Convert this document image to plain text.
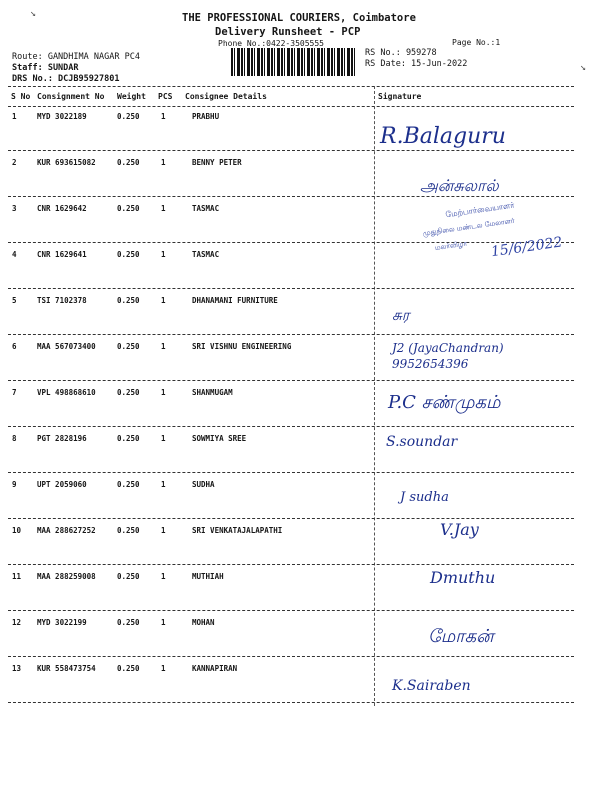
THE PROFESSIONAL COURIERS, Coimbatore
Delivery Runsheet - PCP
Phone No.:0422-3505555	Page No.:1
Route: GANDHIMA NAGAR PC4
Staff: SUNDAR
DRS No.: DCJB95927801
RS No.: 959278
RS Date: 15-Jun-2022
↘
↘
S No Consignment No Weight PCS Consignee Details	Signature
1	MYD 3022189	0.250	1	PRABHU
R.Balaguru
2	KUR 693615082	0.250	1	BENNY PETER
அன்சுலால்
3	CNR 1629642	0.250	1	TASMAC
4	CNR 1629641	0.250	1	TASMAC
5	TSI 7102378	0.250	1	DHANAMANI FURNITURE
சுர
6	MAA 567073400	0.250	1	SRI VISHNU ENGINEERING	J2 (JayaChandran) 9952654396
7	VPL 498868610	0.250	1	SHANMUGAM	P.C சண்முகம்
8	PGT 2828196	0.250	1	SOWMIYA SREE	S.soundar
9	UPT 2059060	0.250	1	SUDHA
J sudha
10 MAA 288627252	0.250	1	SRI VENKATAJALAPATHI	V.Jay
11 MAA 288259008	0.250	1	MUTHIAH	Dmuthu
12 MYD 3022199	0.250	1	MOHAN
மோகன்
13 KUR 558473754	0.250	1	KANNAPIRAN
K.Sairaben
மேற்பார்வையாளர்
முதுநிலை மண்டல மேலாளர்
மலர்விழா 15/6/2022
